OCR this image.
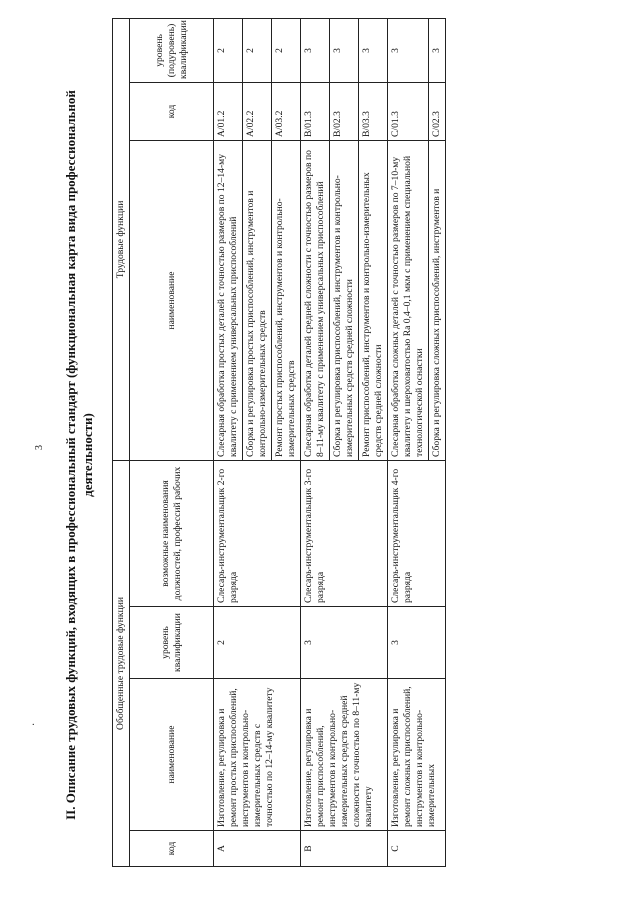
3
. II. Описание трудовых функций, входящих в профессиональный стандарт (функциональная карта вида профессиональной деятельности)
Обобщенные трудовые функции				Трудовые функции		
код	наименование	уровень квалификации	возможные наименования должностей, профессий рабочих	наименование	код	уровень (подуровень) квалификации
А	Изготовление, регулировка и ремонт простых приспособлений, инструментов и контрольно-измерительных средств с точностью по 12–14-му квалитету	2	Слесарь-инструментальщик 2-го разряда	Слесарная обработка простых деталей с точностью размеров по 12–14-му квалитету с применением универсальных приспособлений	A/01.2	2
				Сборка и регулировка простых приспособлений, инструментов и контрольно-измерительных средств	A/02.2	2
				Ремонт простых приспособлений, инструментов и контрольно-измерительных средств	A/03.2	2
В	Изготовление, регулировка и ремонт приспособлений, инструментов и контрольно-измерительных средств средней сложности с точностью по 8–11-му квалитету	3	Слесарь-инструментальщик 3-го разряда	Слесарная обработка деталей средней сложности с точностью размеров по 8–11-му квалитету с применением универсальных приспособлений	B/01.3	3
				Сборка и регулировка приспособлений, инструментов и контрольно-измерительных средств средней сложности	B/02.3	3
				Ремонт приспособлений, инструментов и контрольно-измерительных средств средней сложности	B/03.3	3
С	Изготовление, регулировка и ремонт сложных приспособлений, инструментов и контрольно-измерительных	3	Слесарь-инструментальщик 4-го разряда	Слесарная обработка сложных деталей с точностью размеров по 7–10-му квалитету и шероховатостью Ra 0,4–0,1 мкм с применением специальной технологической оснастки	C/01.3	3
				Сборка и регулировка сложных приспособлений, инструментов и	C/02.3	3
